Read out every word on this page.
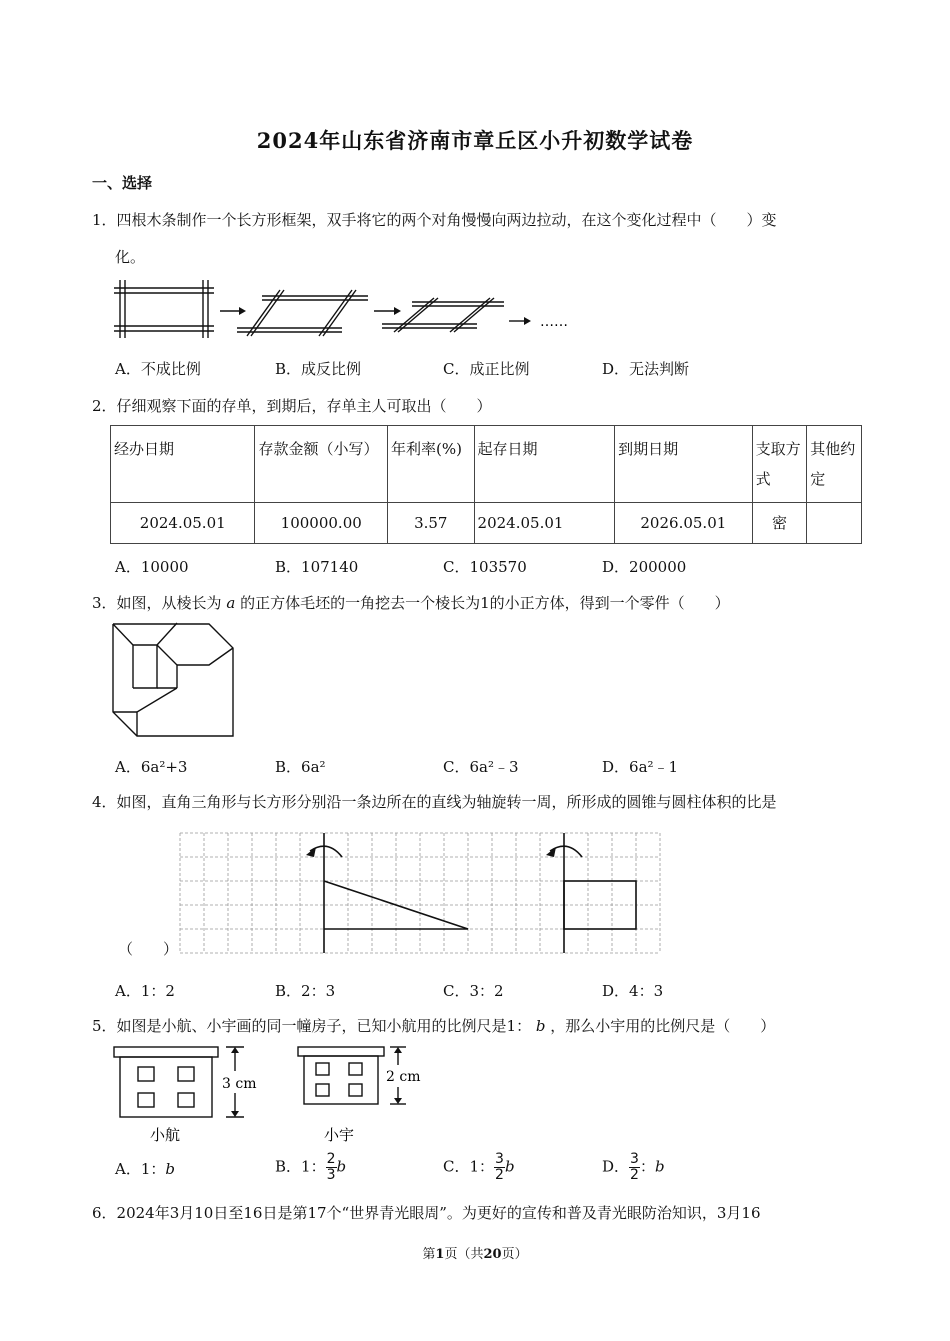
2024年山东省济南市章丘区小升初数学试卷
一、选择
1．四根木条制作一个长方形框架，双手将它的两个对角慢慢向两边拉动，在这个变化过程中（　　）变
化。
……
A．不成比例	B．成反比例	C．成正比例	D．无法判断
2．仔细观察下面的存单，到期后，存单主人可取出（　　）
经办日期	存款金额（小写）	年利率(%)	起存日期	到期日期	支取方式	其他约定
2024.05.01	100000.00	3.57	2024.05.01	2026.05.01	密	
A．10000	B．107140	C．103570	D．200000
3．如图，从棱长为 a 的正方体毛坯的一角挖去一个棱长为1的小正方体，得到一个零件（　　）
A．6a²+3	B．6a²	C．6a²﹣3	D．6a²﹣1
4．如图，直角三角形与长方形分别沿一条边所在的直线为轴旋转一周，所形成的圆锥与圆柱体积的比是
（　　）
A．1：2	B．2：3	C．3：2	D．4：3
5．如图是小航、小宇画的同一幢房子，已知小航用的比例尺是1： b ，那么小宇用的比例尺是（　　）
3 cm	2 cm
小航	小宇
A．1：b	B．1： $\frac{2}{3}$ b	C．1： $\frac{3}{2}$ b	D． $\frac{3}{2}$ ：b
6．2024年3月10日至16日是第17个“世界青光眼周”。为更好的宣传和普及青光眼防治知识，3月16
第1页（共20页）
